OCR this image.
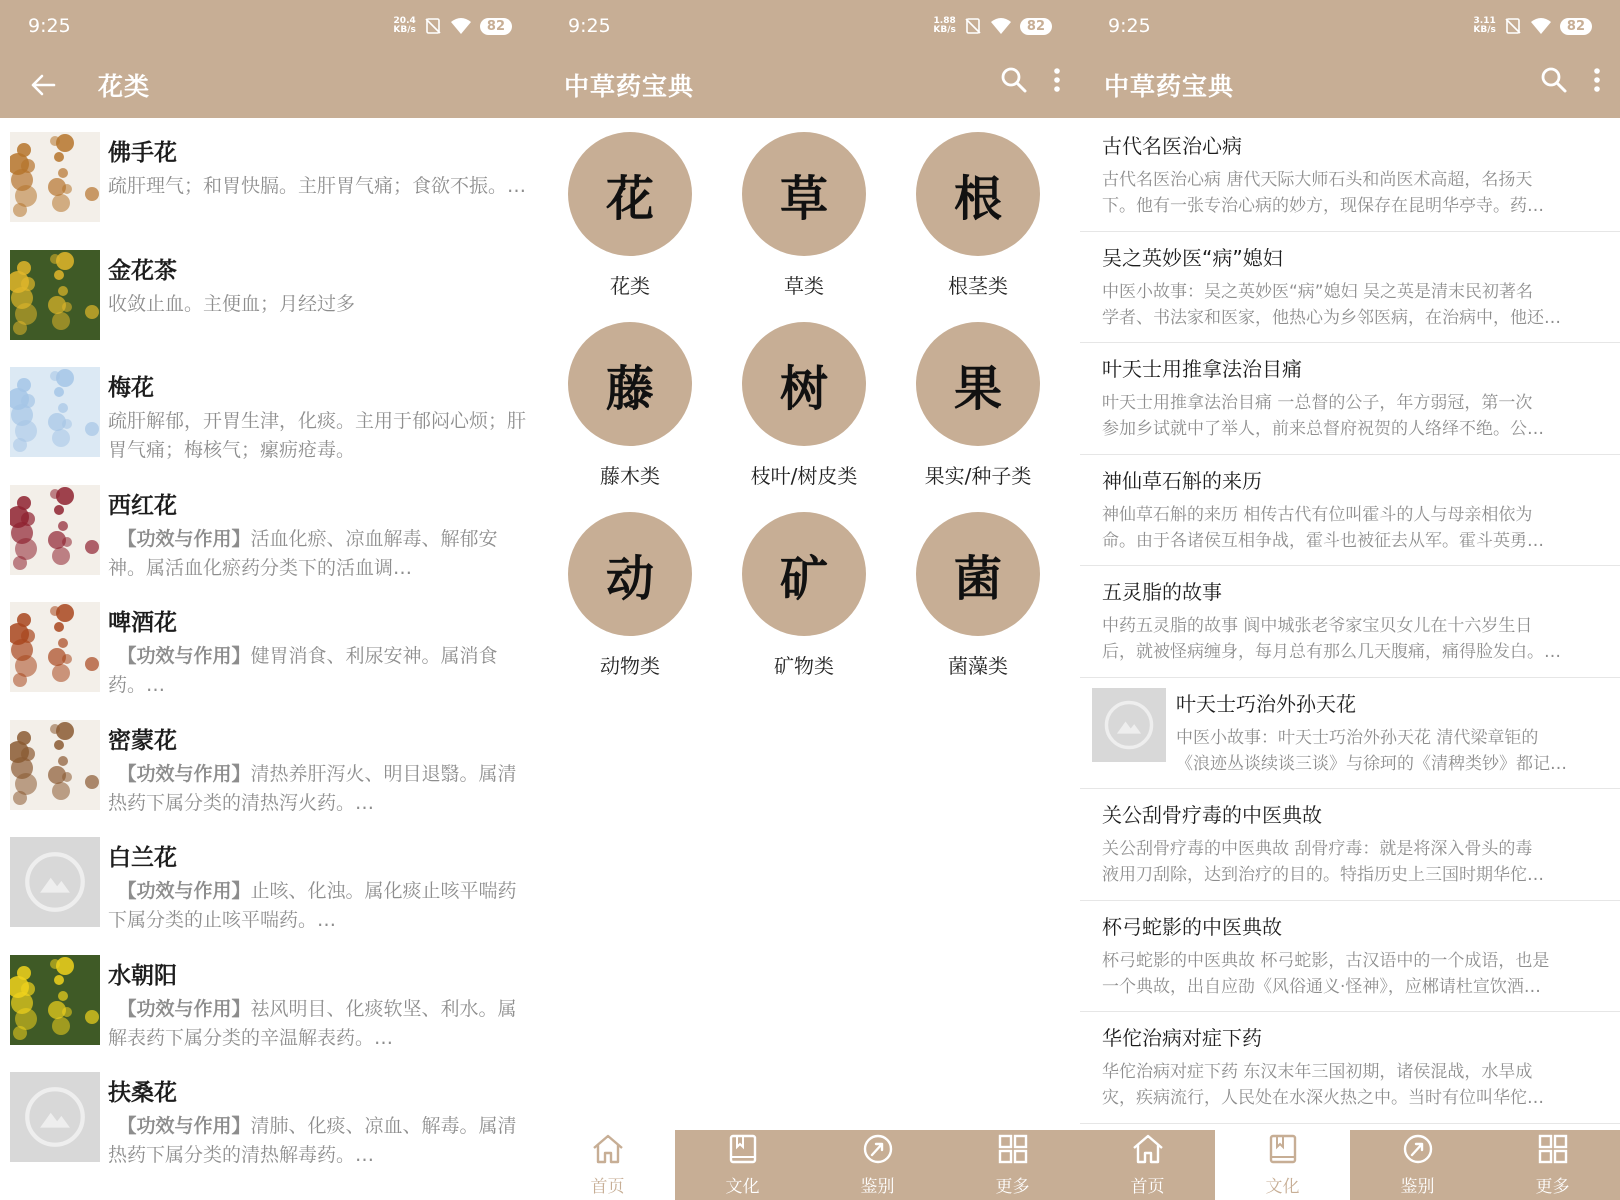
9:25	20.4
KB/s	82
花类
佛手花
疏肝理气；和胃快膈。主肝胃气痛；食欲不振。…
金花茶
收敛止血。主便血；月经过多
梅花
疏肝解郁，开胃生津，化痰。主用于郁闷心烦；肝胃气痛；梅核气；瘰疬疮毒。
西红花
　【功效与作用】活血化瘀、凉血解毒、解郁安神。属活血化瘀药分类下的活血调…
啤酒花
　【功效与作用】健胃消食、利尿安神。属消食药。…
密蒙花
　【功效与作用】清热养肝泻火、明目退翳。属清热药下属分类的清热泻火药。…
白兰花
　【功效与作用】止咳、化浊。属化痰止咳平喘药下属分类的止咳平喘药。…
水朝阳
　【功效与作用】祛风明目、化痰软坚、利水。属解表药下属分类的辛温解表药。…
扶桑花
　【功效与作用】清肺、化痰、凉血、解毒。属清热药下属分类的清热解毒药。…
9:25	1.88
KB/s	82
中草药宝典
花
花类
草
草类
根
根茎类
藤
藤木类
树
枝叶/树皮类
果
果实/种子类
动
动物类
矿
矿物类
菌
菌藻类
首页	文化	鉴别	更多
9:25	3.11
KB/s	82
中草药宝典
古代名医治心病
古代名医治心病 唐代天际大师石头和尚医术高超，名扬天
下。他有一张专治心病的妙方，现保存在昆明华亭寺。药…
吴之英妙医“病”媳妇
中医小故事：吴之英妙医“病”媳妇 吴之英是清末民初著名
学者、书法家和医家，他热心为乡邻医病，在治病中，他还…
叶天士用推拿法治目痛
叶天士用推拿法治目痛 一总督的公子，年方弱冠，第一次
参加乡试就中了举人，前来总督府祝贺的人络绎不绝。公…
神仙草石斛的来历
神仙草石斛的来历 相传古代有位叫霍斗的人与母亲相依为
命。由于各诸侯互相争战，霍斗也被征去从军。霍斗英勇…
五灵脂的故事
中药五灵脂的故事 阆中城张老爷家宝贝女儿在十六岁生日
后，就被怪病缠身，每月总有那么几天腹痛，痛得脸发白。…
叶天士巧治外孙天花
中医小故事：叶天士巧治外孙天花 清代梁章钜的
《浪迹丛谈续谈三谈》与徐珂的《清稗类钞》都记…
关公刮骨疗毒的中医典故
关公刮骨疗毒的中医典故 刮骨疗毒：就是将深入骨头的毒
液用刀刮除，达到治疗的目的。特指历史上三国时期华佗…
杯弓蛇影的中医典故
杯弓蛇影的中医典故 杯弓蛇影，古汉语中的一个成语，也是
一个典故，出自应劭《风俗通义·怪神》，应郴请杜宣饮酒…
华佗治病对症下药
华佗治病对症下药 东汉末年三国初期，诸侯混战，水旱成
灾，疾病流行，人民处在水深火热之中。当时有位叫华佗…
首页	文化	鉴别	更多
